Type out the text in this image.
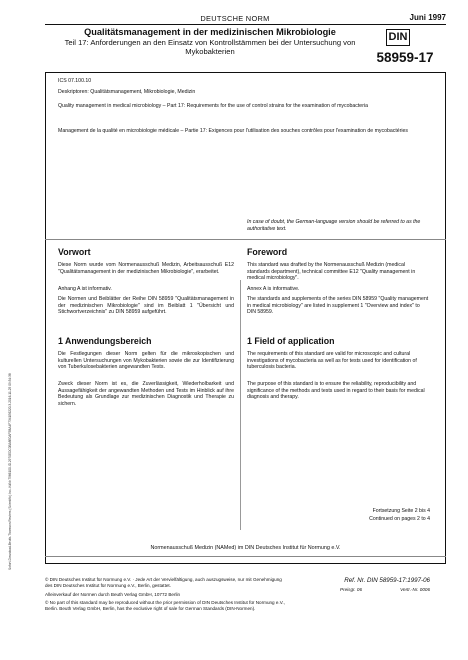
Sofort-Download-Beuth-Thomson Reuters (Scientific) Inc.-KdNr.7566100-ID.2970EDC0BA8E0AF5BA4F7341E6220.3-2016-11-25 09:34:38
DEUTSCHE NORM	Juni 1997
Qualitätsmanagement in der medizinischen Mikrobiologie
Teil 17: Anforderungen an den Einsatz von Kontrollstämmen bei der Untersuchung von Mykobakterien
DIN
58959-17
ICS 07.100.10
Deskriptoren: Qualitätsmanagement, Mikrobiologie, Medizin
Quality management in medical microbiology – Part 17: Requirements for the use of control strains for the examination of mycobacteria
Management de la qualité en microbiologie médicale – Partie 17: Exigences pour l'utilisation des souches contrôles pour l'examination de mycobactéries
In case of doubt, the German-language version should be referred to as the authoritative text.
Vorwort
Diese Norm wurde vom Normenausschuß Medizin, Arbeitsausschuß E12 "Qualitätsmanagement in der medizinischen Mikrobiologie", erarbeitet.
Anhang A ist informativ.
Die Normen und Beiblätter der Reihe DIN 58959 "Qualitätsmanagement in der medizinischen Mikrobiologie" sind im Beiblatt 1 "Übersicht und Stichwortverzeichnis" zu DIN 58959 aufgeführt.
1 Anwendungsbereich
Die Festlegungen dieser Norm gelten für die mikroskopischen und kulturellen Untersuchungen von Mykobakterien sowie die zur Identifizierung von Tuberkulosebakterien angewandten Tests.
Zweck dieser Norm ist es, die Zuverlässigkeit, Wiederholbarkeit und Aussagefähigkeit der angewandten Methoden und Tests im Hinblick auf ihre Bedeutung als Grundlage zur medizinischen Diagnostik und Therapie zu sichern.
Foreword
This standard was drafted by the Normenausschuß Medizin (medical standards department), technical committee E12 "Quality management in medical microbiology".
Annex A is informative.
The standards and supplements of the series DIN 58959 "Quality management in medical microbiology" are listed in supplement 1 "Overview and index" to DIN 58959.
1 Field of application
The requirements of this standard are valid for microscopic and cultural investigations of mycobacteria as well as for tests used for identification of tuberculosis bacteria.
The purpose of this standard is to ensure the reliability, reproducibility and significance of the methods and tests used in regard to their basis for medical diagnosis and therapy.
Fortsetzung Seite 2 bis 4
Continued on pages 2 to 4
Normenausschuß Medizin (NAMed) im DIN Deutsches Institut für Normung e.V.
© DIN Deutsches Institut für Normung e.V. · Jede Art der Vervielfältigung, auch auszugsweise, nur mit Genehmigung des DIN Deutsches Institut für Normung e.V., Berlin, gestattet.
Alleinverkauf der Normen durch Beuth Verlag GmbH, 10772 Berlin
© No part of this standard may be reproduced without the prior permission of DIN Deutsches Institut für Normung e.V., Berlin. Beuth Verlag GmbH, Berlin, has the exclusive right of sale for German Standards (DIN-Normen).
Ref. Nr. DIN 58959-17:1997-06
Preisgr. 06	Vertr.-Nr. 0006
